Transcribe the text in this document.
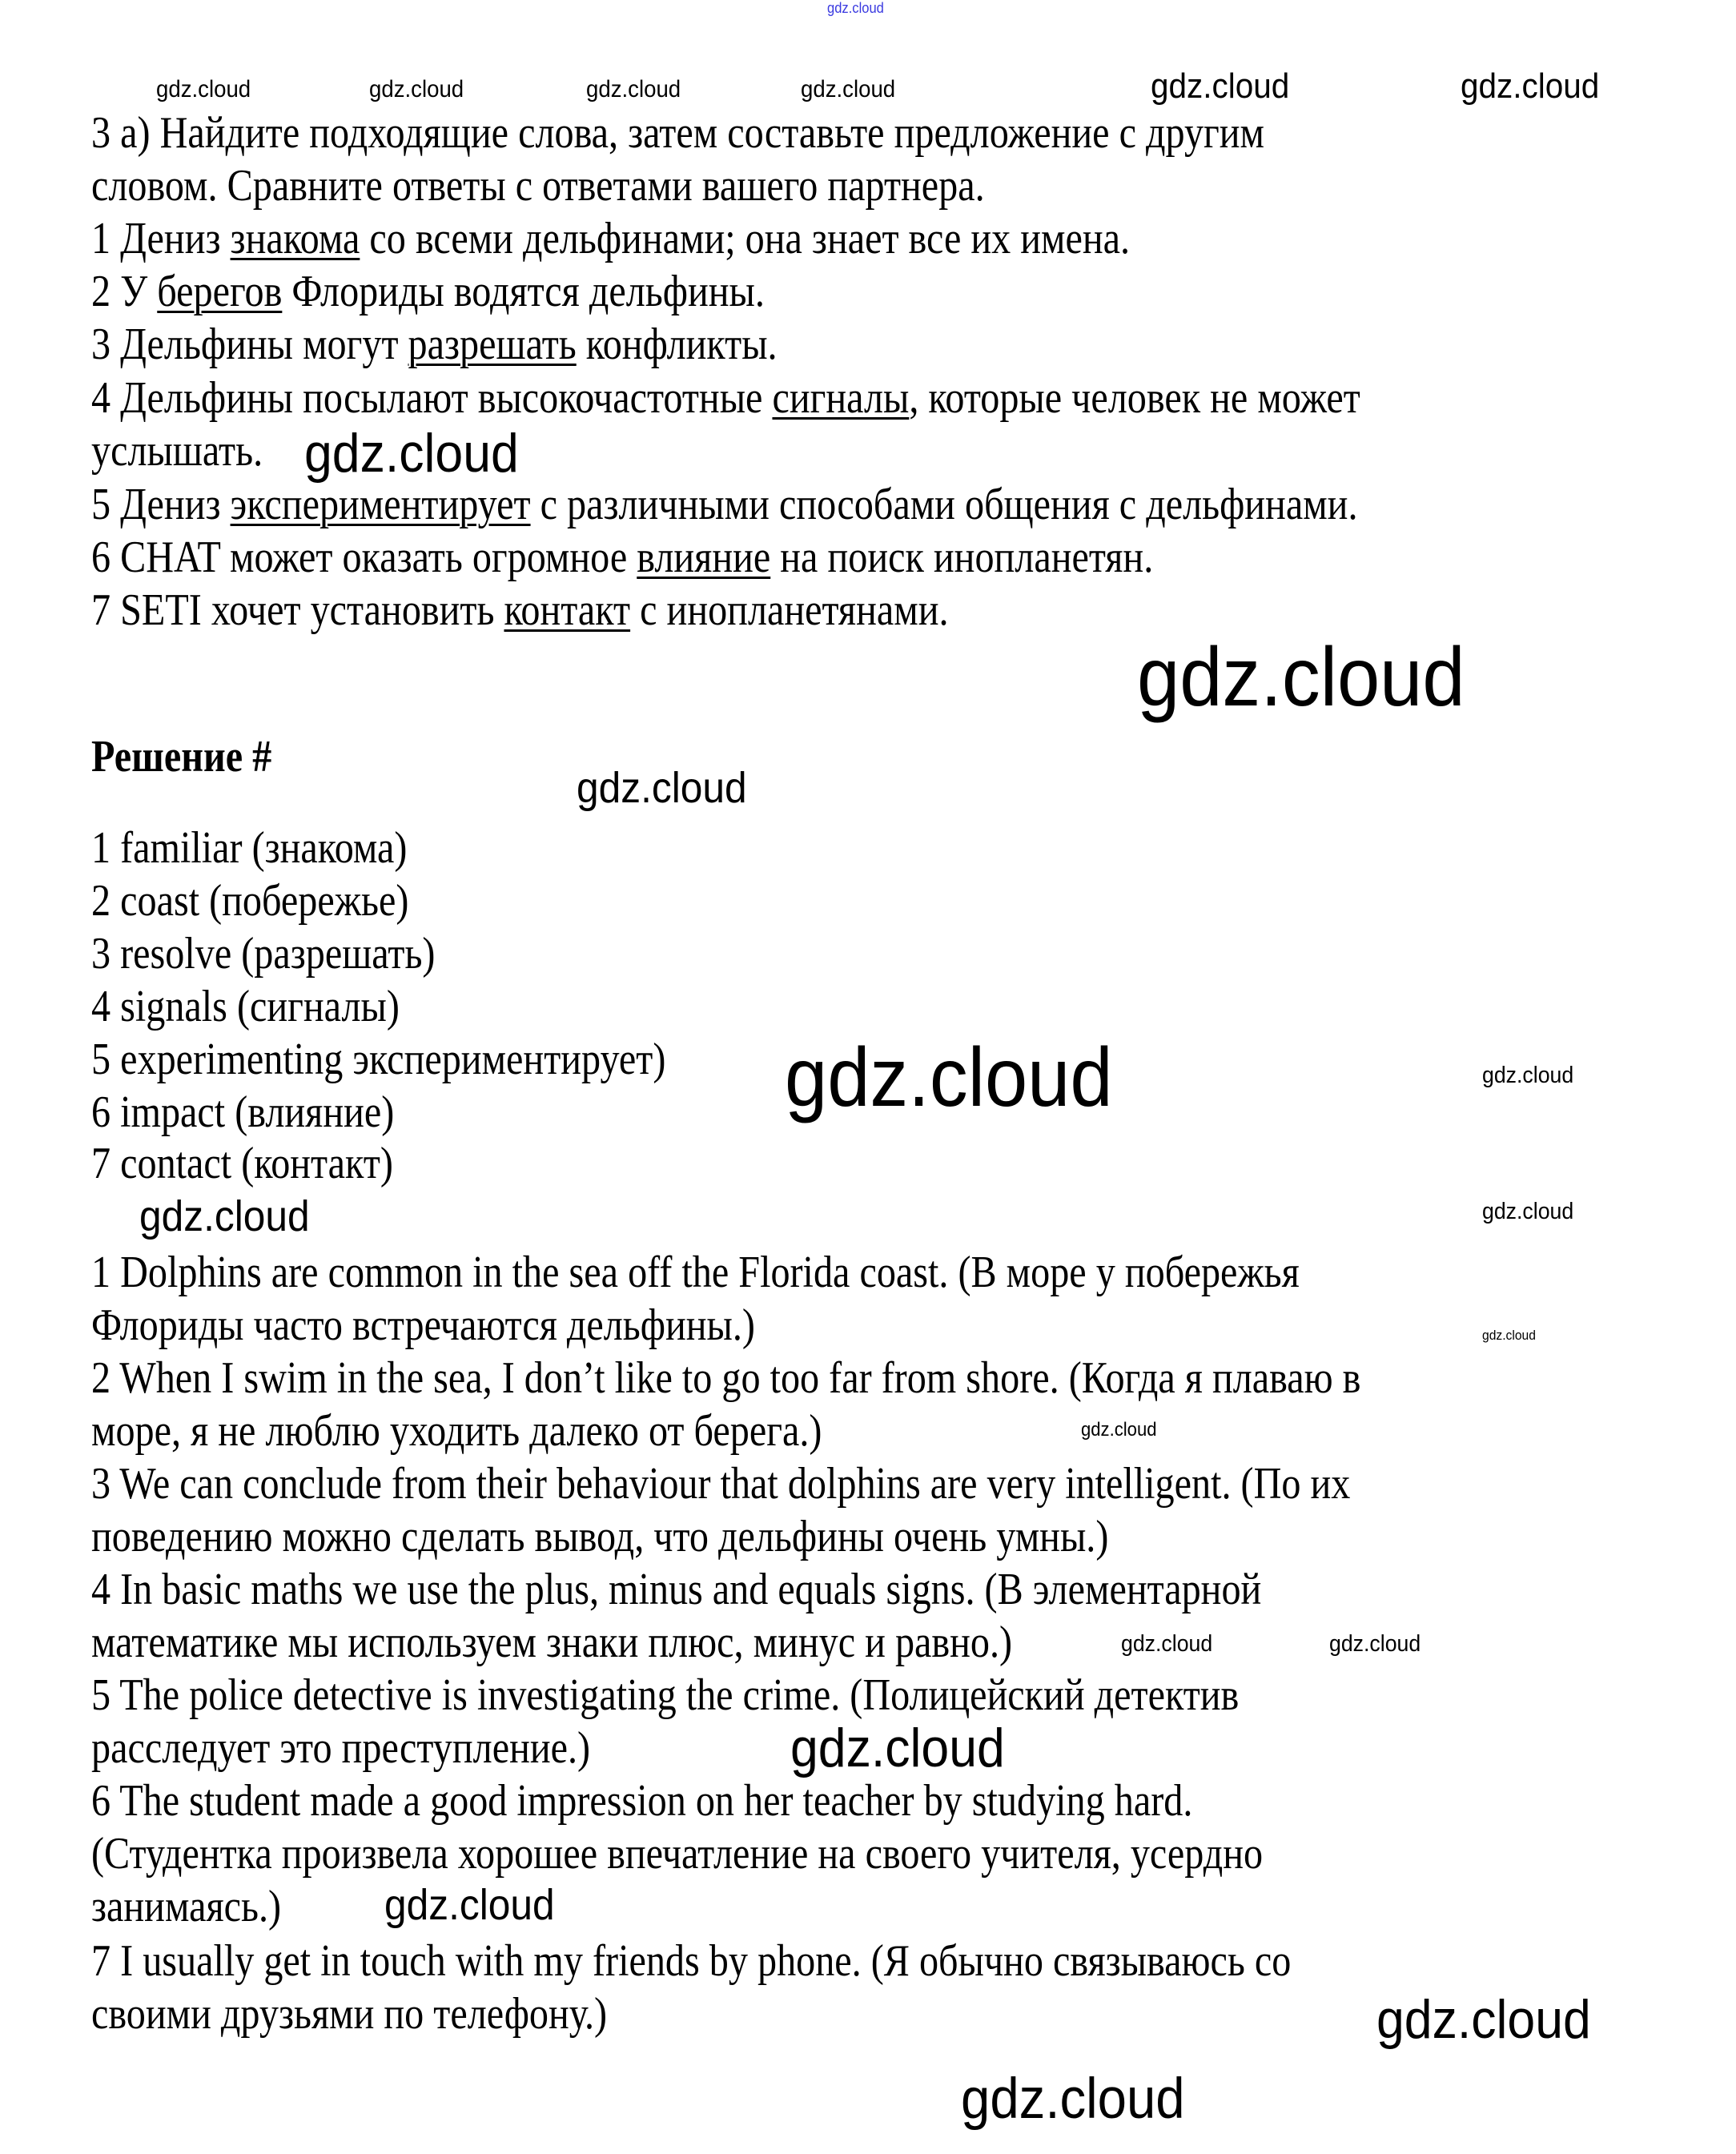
gdz.cloud
3 а) Найдите подходящие слова, затем составьте предложение с другим
словом. Сравните ответы с ответами вашего партнера.
1 Дениз знакома со всеми дельфинами; она знает все их имена.
2 У берегов Флориды водятся дельфины.
3 Дельфины могут разрешать конфликты.
4 Дельфины посылают высокочастотные сигналы, которые человек не может
услышать.
5 Дениз экспериментирует с различными способами общения с дельфинами.
6 CHAT может оказать огромное влияние на поиск инопланетян.
7 SETI хочет установить контакт с инопланетянами.
Решение #
1 familiar (знакома)
2 coast (побережье)
3 resolve (разрешать)
4 signals (сигналы)
5 experimenting экспериментирует)
6 impact (влияние)
7 contact (контакт)
1 Dolphins are common in the sea off the Florida coast. (В море у побережья
Флориды часто встречаются дельфины.)
2 When I swim in the sea, I don’t like to go too far from shore. (Когда я плаваю в
море, я не люблю уходить далеко от берега.)
3 We can conclude from their behaviour that dolphins are very intelligent. (По их
поведению можно сделать вывод, что дельфины очень умны.)
4 In basic maths we use the plus, minus and equals signs. (В элементарной
математике мы используем знаки плюс, минус и равно.)
5 The police detective is investigating the crime. (Полицейский детектив
расследует это преступление.)
6 The student made a good impression on her teacher by studying hard.
(Студентка произвела хорошее впечатление на своего учителя, усердно
занимаясь.)
7 I usually get in touch with my friends by phone. (Я обычно связываюсь со
своими друзьями по телефону.)
gdz.cloud	gdz.cloud	gdz.cloud	gdz.cloud	gdz.cloud	gdz.cloud
gdz.cloud
gdz.cloud
gdz.cloud
gdz.cloud	gdz.cloud
gdz.cloud
gdz.cloud
gdz.cloud
gdz.cloud
gdz.cloud	gdz.cloud
gdz.cloud
gdz.cloud
gdz.cloud
gdz.cloud
